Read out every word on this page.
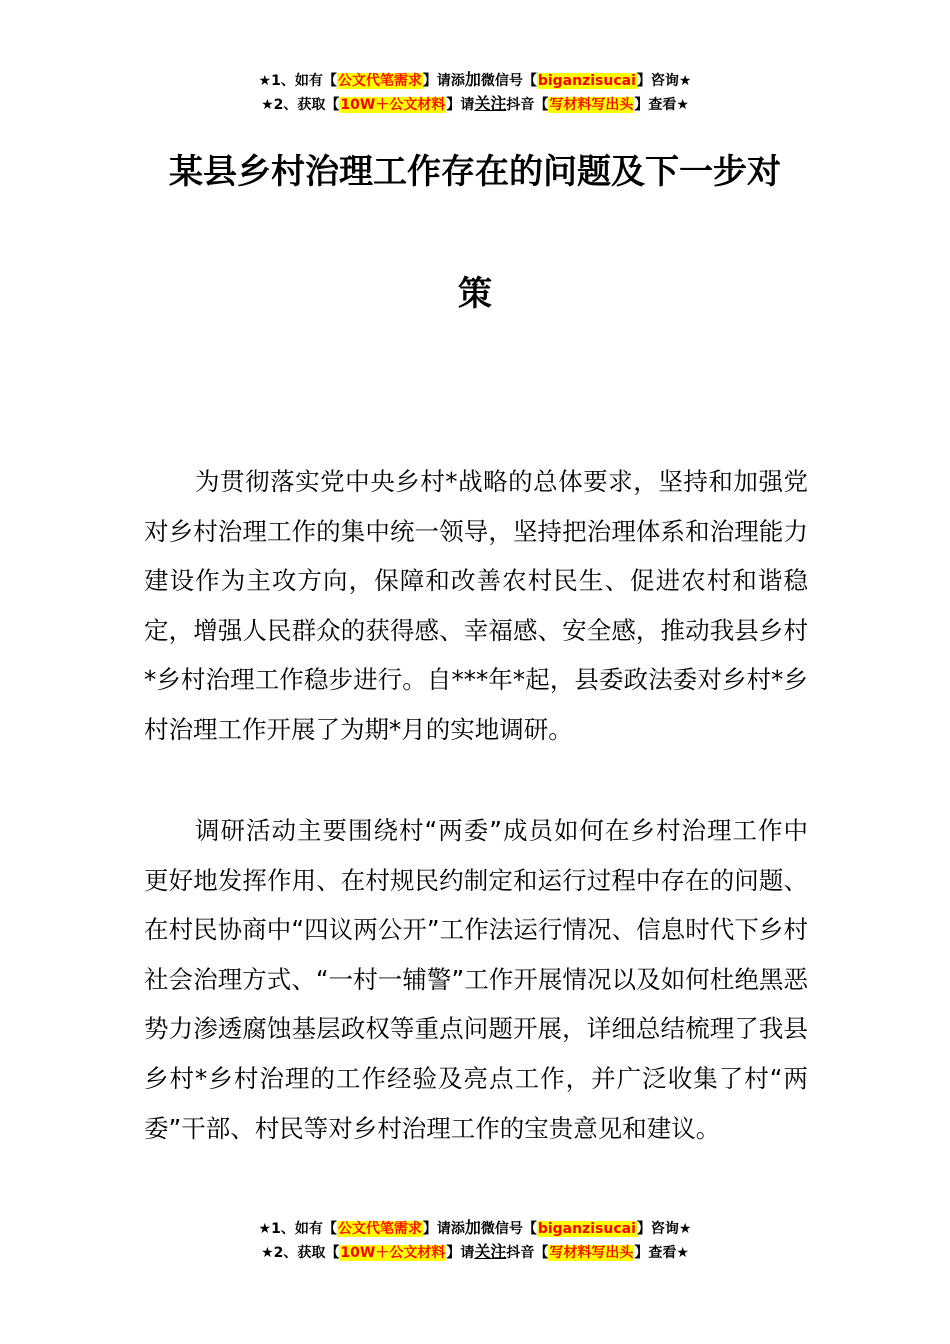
★1、如有【公文代笔需求】请添加微信号【biganzisucai】咨询★
★2、获取【10W＋公文材料】请关注抖音【写材料写出头】查看★
某县乡村治理工作存在的问题及下一步对
策

为贯彻落实党中央乡村*战略的总体要求，坚持和加强党对乡村治理工作的集中统一领导，坚持把治理体系和治理能力建设作为主攻方向，保障和改善农村民生、促进农村和谐稳定，增强人民群众的获得感、幸福感、安全感，推动我县乡村*乡村治理工作稳步进行。自***年*起，县委政法委对乡村*乡村治理工作开展了为期*月的实地调研。

调研活动主要围绕村“两委”成员如何在乡村治理工作中更好地发挥作用、在村规民约制定和运行过程中存在的问题、在村民协商中“四议两公开”工作法运行情况、信息时代下乡村社会治理方式、“一村一辅警”工作开展情况以及如何杜绝黑恶势力渗透腐蚀基层政权等重点问题开展，详细总结梳理了我县乡村*乡村治理的工作经验及亮点工作，并广泛收集了村“两委”干部、村民等对乡村治理工作的宝贵意见和建议。

★1、如有【公文代笔需求】请添加微信号【biganzisucai】咨询★
★2、获取【10W＋公文材料】请关注抖音【写材料写出头】查看★
